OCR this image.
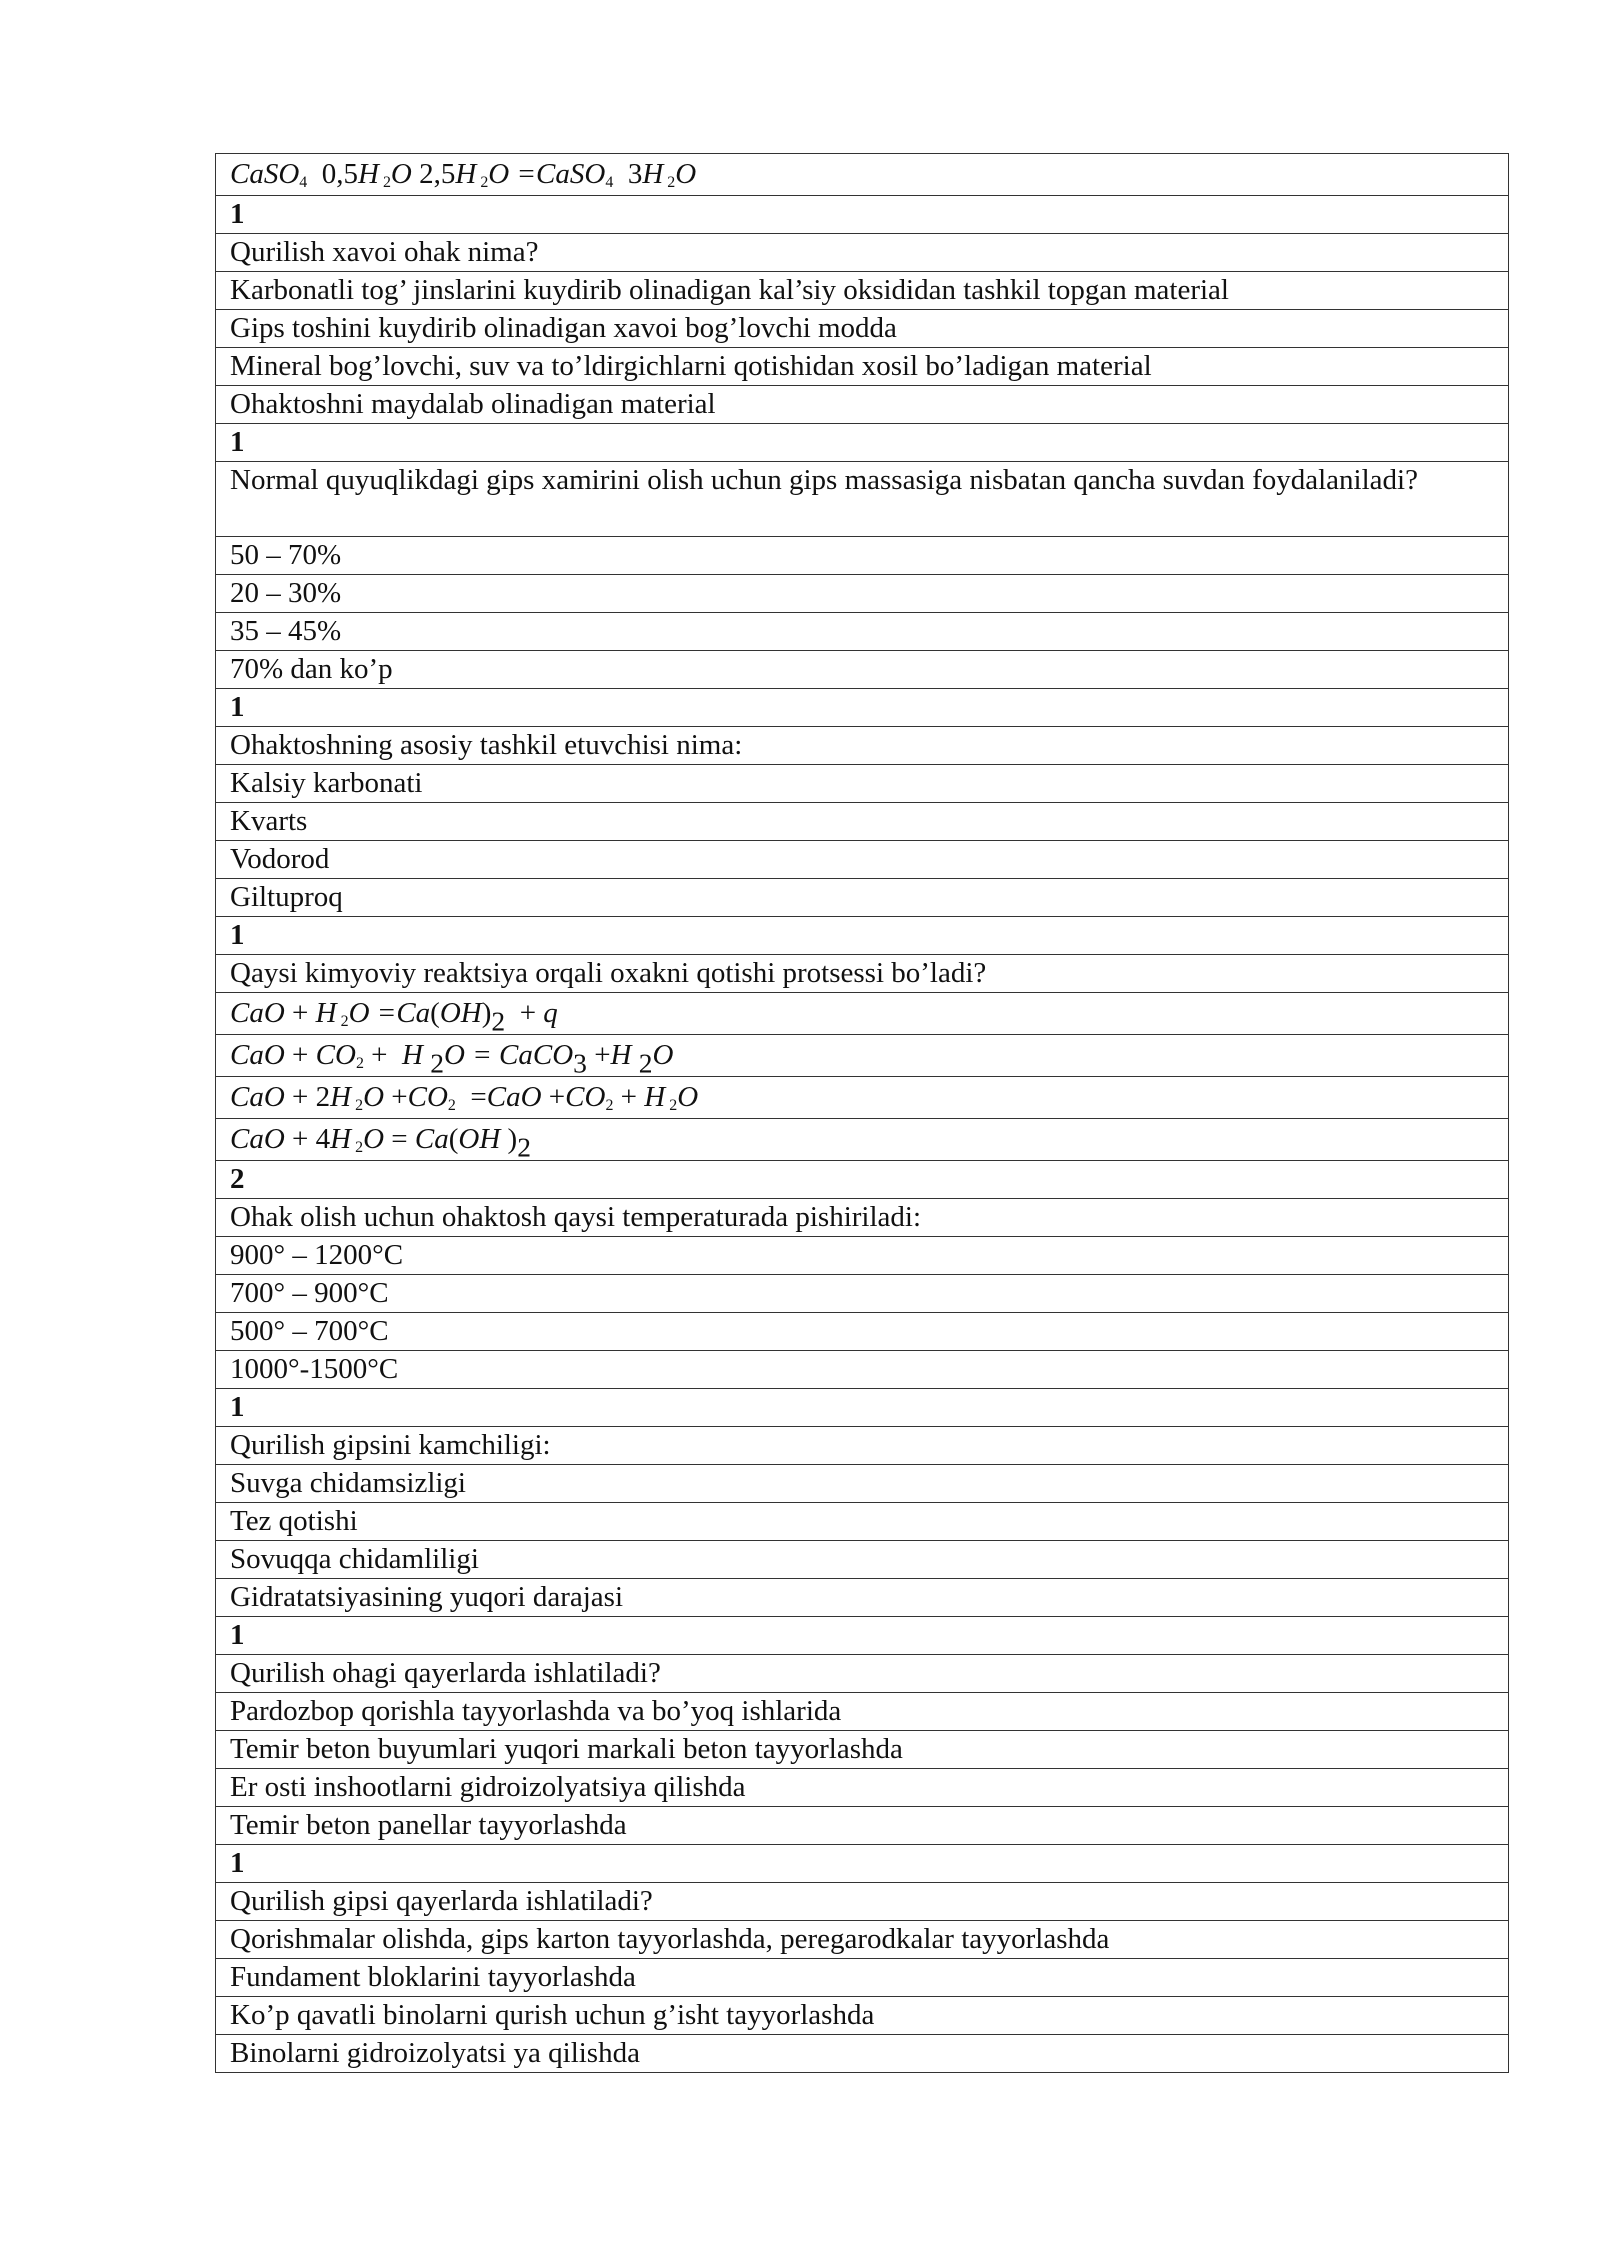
CaSO$_4$  0,5H $_2$O 2,5H $_2$O =CaSO$_4$  3H $_2$O
1
Qurilish xavoi ohak nima?
Karbonatli tog’ jinslarini kuydirib olinadigan kal’siy oksididan tashkil topgan material
Gips toshini kuydirib olinadigan xavoi bog’lovchi modda
Mineral bog’lovchi, suv va to’ldirgichlarni qotishidan xosil bo’ladigan material
Ohaktoshni maydalab olinadigan material
1
Normal quyuqlikdagi gips xamirini olish uchun gips massasiga nisbatan qancha suvdan foydalaniladi?
50 – 70%
20 – 30%
35 – 45%
70% dan ko’p
1
Ohaktoshning asosiy tashkil etuvchisi nima:
Kalsiy karbonati
Kvarts
Vodorod
Giltuproq
1
Qaysi kimyoviy reaktsiya orqali oxakni qotishi protsessi bo’ladi?
CaO + H $_2O =Ca(OH)_2 + q$
CaO + $CO_2 + H$ $_2$O = CaCO$_3$ +H $_2$O
CaO + 2H $_2O +CO_2 =CaO +CO_2 + H$ $_2$O
CaO + 4H $_2$O = Ca(OH )$_2$
2
Ohak olish uchun ohaktosh qaysi temperaturada pishiriladi:
900° – 1200°C
700° – 900°C
500° – 700°C
1000°-1500°C
1
Qurilish gipsini kamchiligi:
Suvga chidamsizligi
Tez qotishi
Sovuqqa chidamliligi
Gidratatsiyasining yuqori darajasi
1
Qurilish ohagi qayerlarda ishlatiladi?
Pardozbop qorishla tayyorlashda va bo’yoq ishlarida
Temir beton buyumlari yuqori markali beton tayyorlashda
Er osti inshootlarni gidroizolyatsiya qilishda
Temir beton panellar tayyorlashda
1
Qurilish gipsi qayerlarda ishlatiladi?
Qorishmalar olishda, gips karton tayyorlashda, peregarodkalar tayyorlashda
Fundament bloklarini tayyorlashda
Ko’p qavatli binolarni qurish uchun g’isht tayyorlashda
Binolarni gidroizolyatsi ya qilishda
